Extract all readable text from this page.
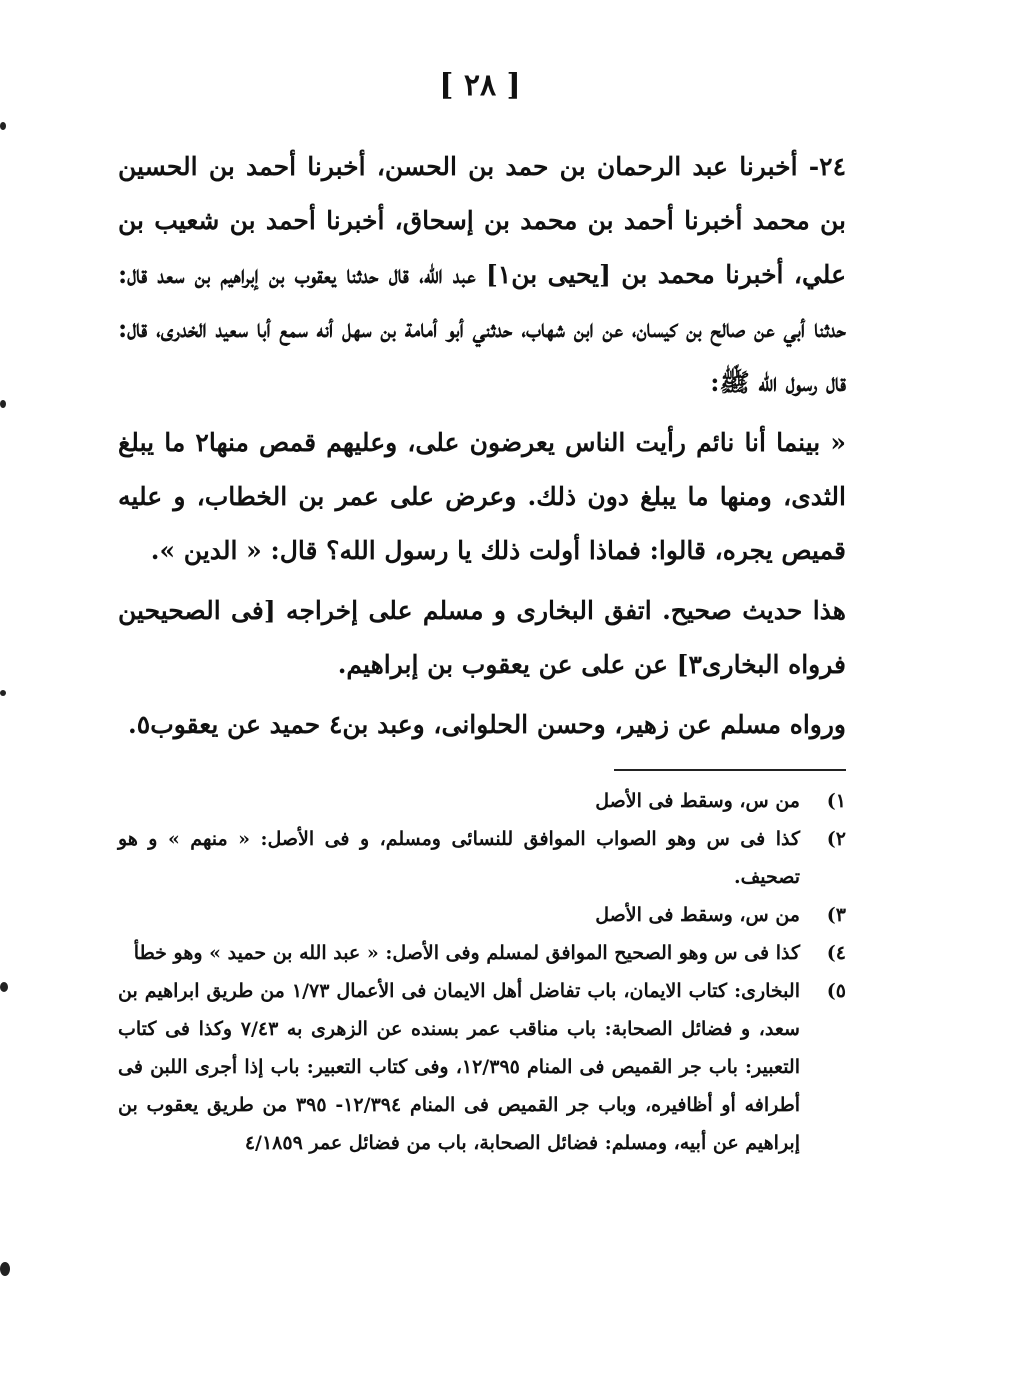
[ ٢٨ ]

٢٤- أخبرنا عبد الرحمان بن حمد بن الحسن، أخبرنا أحمد بن الحسين بن محمد أخبرنا أحمد بن محمد بن إسحاق، أخبرنا أحمد بن شعيب بن علي، أخبرنا محمد بن [يحيى بن١] عبد الله، قال حدثنا يعقوب بن إبراهيم بن سعد قال: حدثنا أبي عن صالح بن كيسان، عن ابن شهاب، حدثني أبو أمامة بن سهل أنه سمع أبا سعيد الخدرى، قال: قال رسول الله ﷺ:

« بينما أنا نائم رأيت الناس يعرضون على، وعليهم قمص منها٢ ما يبلغ الثدى، ومنها ما يبلغ دون ذلك. وعرض على عمر بن الخطاب، و عليه قميص يجره، قالوا: فماذا أولت ذلك يا رسول الله؟ قال: « الدين ».

هذا حديث صحيح. اتفق البخارى و مسلم على إخراجه [فى الصحيحين فرواه البخارى٣] عن على عن يعقوب بن إبراهيم.

ورواه مسلم عن زهير، وحسن الحلوانى، وعبد بن٤ حميد عن يعقوب٥.

١)
من س، وسقط فى الأصل
٢)
كذا فى س وهو الصواب الموافق للنسائى ومسلم، و فى الأصل: « منهم » و هو تصحيف.
٣)
من س، وسقط فى الأصل
٤)
كذا فى س وهو الصحيح الموافق لمسلم وفى الأصل: « عبد الله بن حميد » وهو خطأ
٥)
البخارى: كتاب الايمان، باب تفاضل أهل الايمان فى الأعمال ١/٧٣ من طريق ابراهيم بن سعد، و فضائل الصحابة: باب مناقب عمر بسنده عن الزهرى به ٧/٤٣ وكذا فى كتاب التعبير: باب جر القميص فى المنام ١٢/٣٩٥، وفى كتاب التعبير: باب إذا أجرى اللبن فى أطرافه أو أظافيره، وباب جر القميص فى المنام ١٢/٣٩٤- ٣٩٥ من طريق يعقوب بن إبراهيم عن أبيه، ومسلم: فضائل الصحابة، باب من فضائل عمر ٤/١٨٥٩
